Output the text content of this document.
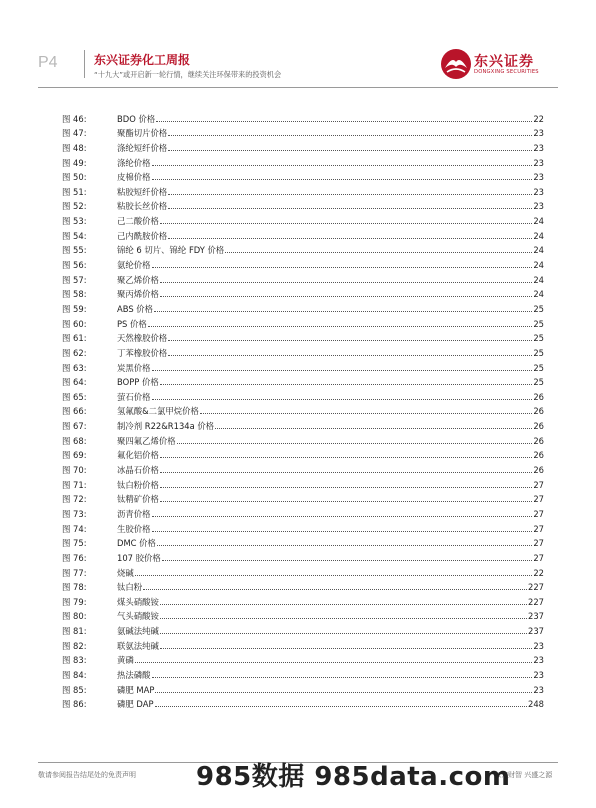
P4	东兴证券化工周报
“十九大”或开启新一轮行情，继续关注环保带来的投资机会
东兴证券
DONGXING SECURITIES
图 46:	BDO 价格	22
图 47:	聚酯切片价格	23
图 48:	涤纶短纤价格	23
图 49:	涤纶价格	23
图 50:	皮棉价格	23
图 51:	粘胶短纤价格	23
图 52:	粘胶长丝价格	23
图 53:	己二酸价格	24
图 54:	己内酰胺价格	24
图 55:	锦纶 6 切片、锦纶 FDY 价格	24
图 56:	氨纶价格	24
图 57:	聚乙烯价格	24
图 58:	聚丙烯价格	24
图 59:	ABS 价格	25
图 60:	PS 价格	25
图 61:	天然橡胶价格	25
图 62:	丁苯橡胶价格	25
图 63:	炭黑价格	25
图 64:	BOPP 价格	25
图 65:	萤石价格	26
图 66:	氢氟酸&二氯甲烷价格	26
图 67:	制冷剂 R22&R134a 价格	26
图 68:	聚四氟乙烯价格	26
图 69:	氟化铝价格	26
图 70:	冰晶石价格	26
图 71:	钛白粉价格	27
图 72:	钛精矿价格	27
图 73:	沥青价格	27
图 74:	生胶价格	27
图 75:	DMC 价格	27
图 76:	107 胶价格	27
图 77:	烧碱	22
图 78:	钛白粉	227
图 79:	煤头硝酸铵	227
图 80:	气头硝酸铵	237
图 81:	氨碱法纯碱	237
图 82:	联氨法纯碱	23
图 83:	黄磷	23
图 84:	热法磷酸	23
图 85:	磷肥 MAP	23
图 86:	磷肥 DAP	248
敬请参阅报告结尾处的免责声明	东方财智 兴盛之源
985数据 985data.com
